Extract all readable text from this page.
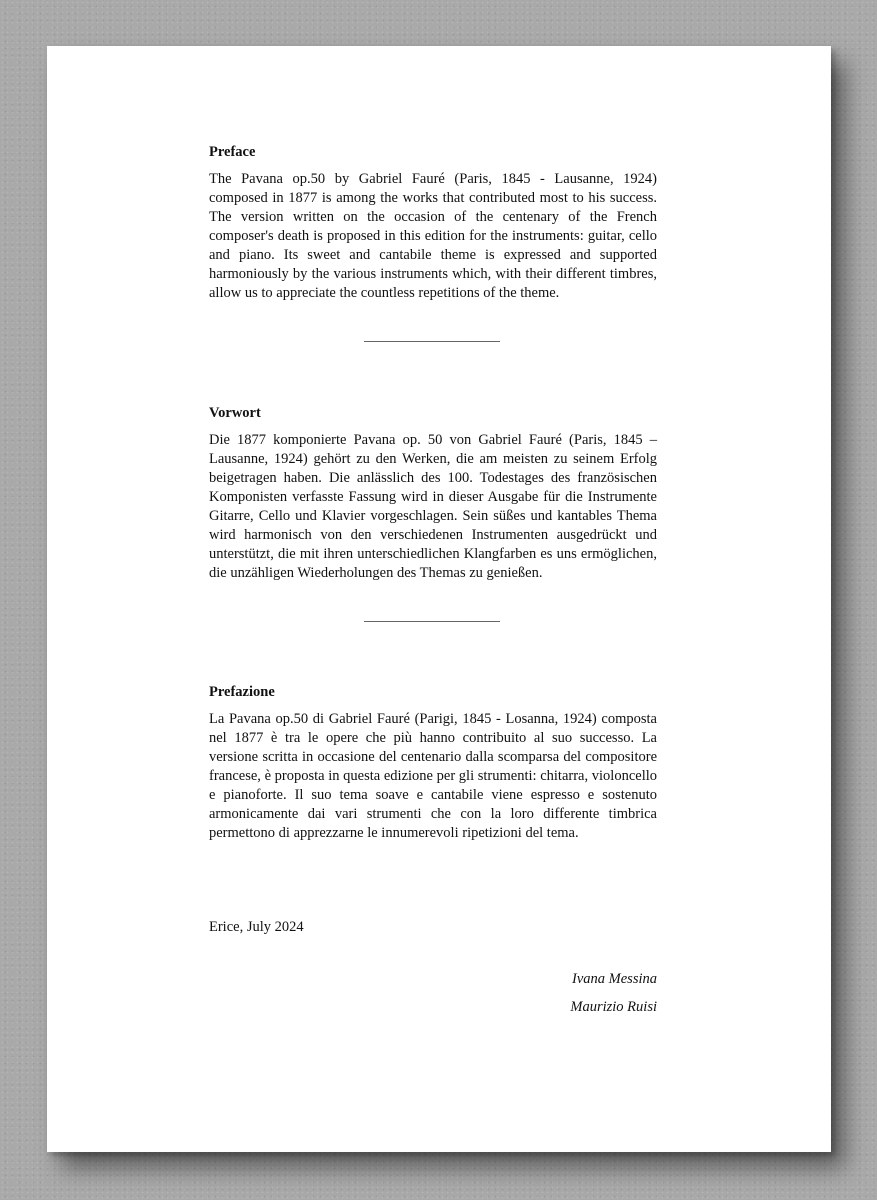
Preface

The Pavana op.50 by Gabriel Fauré (Paris, 1845 - Lausanne, 1924) composed in 1877 is among the works that contributed most to his success. The version written on the occasion of the centenary of the French composer's death is proposed in this edition for the instruments: guitar, cello and piano. Its sweet and cantabile theme is expressed and supported harmoniously by the various instruments which, with their different timbres, allow us to appreciate the countless repetitions of the theme.

Vorwort

Die 1877 komponierte Pavana op. 50 von Gabriel Fauré (Paris, 1845 – Lausanne, 1924) gehört zu den Werken, die am meisten zu seinem Erfolg beigetragen haben. Die anlässlich des 100. Todestages des französischen Komponisten verfasste Fassung wird in dieser Ausgabe für die Instrumente Gitarre, Cello und Klavier vorgeschlagen. Sein süßes und kantables Thema wird harmonisch von den verschiedenen Instrumenten ausgedrückt und unterstützt, die mit ihren unterschiedlichen Klangfarben es uns ermöglichen, die unzähligen Wiederholungen des Themas zu genießen.

Prefazione

La Pavana op.50 di Gabriel Fauré (Parigi, 1845 - Losanna, 1924) composta nel 1877 è tra le opere che più hanno contribuito al suo successo. La versione scritta in occasione del centenario dalla scomparsa del compositore francese, è proposta in questa edizione per gli strumenti: chitarra, violoncello e pianoforte. Il suo tema soave e cantabile viene espresso e sostenuto armonicamente dai vari strumenti che con la loro differente timbrica permettono di apprezzarne le innumerevoli ripetizioni del tema.

Erice, July 2024
Ivana Messina
Maurizio Ruisi
